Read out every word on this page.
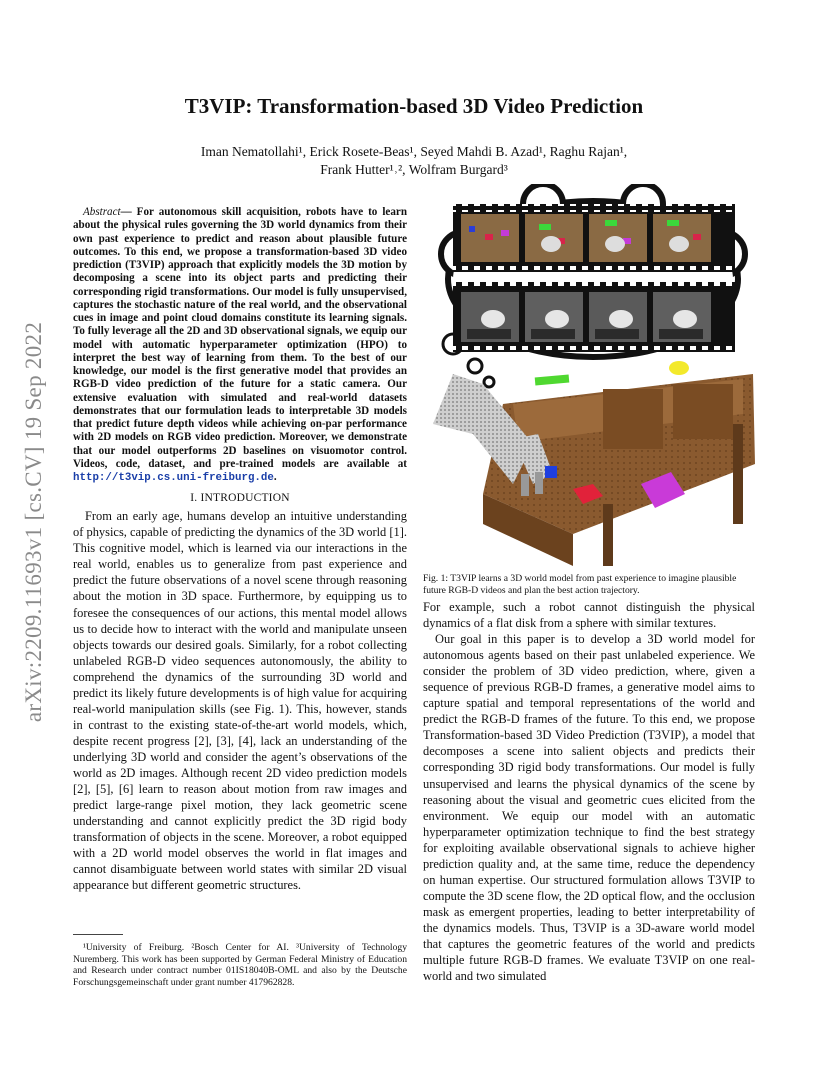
arXiv:2209.11693v1 [cs.CV] 19 Sep 2022
T3VIP: Transformation-based 3D Video Prediction
Iman Nematollahi¹, Erick Rosete-Beas¹, Seyed Mahdi B. Azad¹, Raghu Rajan¹,
Frank Hutter¹˒², Wolfram Burgard³

Abstract— For autonomous skill acquisition, robots have to learn about the physical rules governing the 3D world dynamics from their own past experience to predict and reason about plausible future outcomes. To this end, we propose a transformation-based 3D video prediction (T3VIP) approach that explicitly models the 3D motion by decomposing a scene into its object parts and predicting their corresponding rigid transformations. Our model is fully unsupervised, captures the stochastic nature of the real world, and the observational cues in image and point cloud domains constitute its learning signals. To fully leverage all the 2D and 3D observational signals, we equip our model with automatic hyperparameter optimization (HPO) to interpret the best way of learning from them. To the best of our knowledge, our model is the first generative model that provides an RGB-D video prediction of the future for a static camera. Our extensive evaluation with simulated and real-world datasets demonstrates that our formulation leads to interpretable 3D models that predict future depth videos while achieving on-par performance with 2D models on RGB video prediction. Moreover, we demonstrate that our model outperforms 2D baselines on visuomotor control. Videos, code, dataset, and pre-trained models are available at http://t3vip.cs.uni-freiburg.de.

I. INTRODUCTION

From an early age, humans develop an intuitive understanding of physics, capable of predicting the dynamics of the 3D world [1]. This cognitive model, which is learned via our interactions in the real world, enables us to generalize from past experience and predict the future observations of a novel scene through reasoning about the motion in 3D space. Furthermore, by equipping us to foresee the consequences of our actions, this mental model allows us to decide how to interact with the world and manipulate unseen objects towards our desired goals. Similarly, for a robot collecting unlabeled RGB-D video sequences autonomously, the ability to comprehend the dynamics of the surrounding 3D world and predict its likely future developments is of high value for acquiring real-world manipulation skills (see Fig. 1). This, however, stands in contrast to the existing state-of-the-art world models, which, despite recent progress [2], [3], [4], lack an understanding of the underlying 3D world and consider the agent’s observations of the world as 2D images. Although recent 2D video prediction models [2], [5], [6] learn to reason about motion from raw images and predict large-range pixel motion, they lack geometric scene understanding and cannot explicitly predict the 3D rigid body transformation of objects in the scene. Moreover, a robot equipped with a 2D world model observes the world in flat images and cannot disambiguate between world states with similar 2D visual appearance but different geometric structures.

¹University of Freiburg. ²Bosch Center for AI. ³University of Technology Nuremberg. This work has been supported by German Federal Ministry of Education and Research under contract number 01IS18040B-OML and also by the Deutsche Forschungsgemeinschaft under grant number 417962828.
Fig. 1: T3VIP learns a 3D world model from past experience to imagine plausible future RGB-D videos and plan the best action trajectory.

For example, such a robot cannot distinguish the physical dynamics of a flat disk from a sphere with similar textures.

Our goal in this paper is to develop a 3D world model for autonomous agents based on their past unlabeled experience. We consider the problem of 3D video prediction, where, given a sequence of previous RGB-D frames, a generative model aims to capture spatial and temporal representations of the world and predict the RGB-D frames of the future. To this end, we propose Transformation-based 3D Video Prediction (T3VIP), a model that decomposes a scene into salient objects and predicts their corresponding 3D rigid body transformations. Our model is fully unsupervised and learns the physical dynamics of the scene by reasoning about the visual and geometric cues elicited from the environment. We equip our model with an automatic hyperparameter optimization technique to find the best strategy for exploiting available observational signals to achieve higher prediction quality and, at the same time, reduce the dependency on human expertise. Our structured formulation allows T3VIP to compute the 3D scene flow, the 2D optical flow, and the occlusion mask as emergent properties, leading to better interpretability of the dynamics models. Thus, T3VIP is a 3D-aware world model that captures the geometric features of the world and predicts multiple future RGB-D frames. We evaluate T3VIP on one real-world and two simulated
